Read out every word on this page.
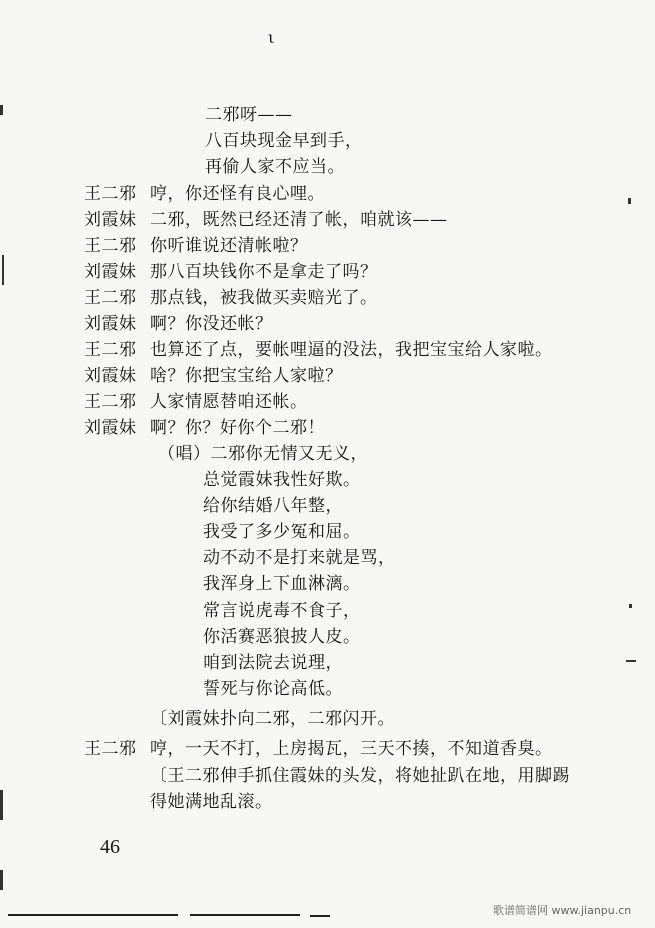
ι
二邪呀——
八百块现金早到手，
再偷人家不应当。
王二邪 哼，你还怪有良心哩。
刘霞妹 二邪，既然已经还清了帐，咱就该——
王二邪 你听谁说还清帐啦？
刘霞妹 那八百块钱你不是拿走了吗？
王二邪 那点钱，被我做买卖赔光了。
刘霞妹 啊？你没还帐？
王二邪 也算还了点，要帐哩逼的没法，我把宝宝给人家啦。
刘霞妹 啥？你把宝宝给人家啦？
王二邪 人家情愿替咱还帐。
刘霞妹 啊？你？好你个二邪！
（唱）二邪你无情又无义，
总觉霞妹我性好欺。
给你结婚八年整，
我受了多少冤和屈。
动不动不是打来就是骂，
我浑身上下血淋漓。
常言说虎毒不食子，
你活赛恶狼披人皮。
咱到法院去说理，
誓死与你论高低。
〔刘霞妹扑向二邪，二邪闪开。
王二邪 哼，一天不打，上房揭瓦，三天不揍，不知道香臭。
〔王二邪伸手抓住霞妹的头发，将她扯趴在地，用脚踢
得她满地乱滚。
46
歌谱简谱网 www.jianpu.cn
